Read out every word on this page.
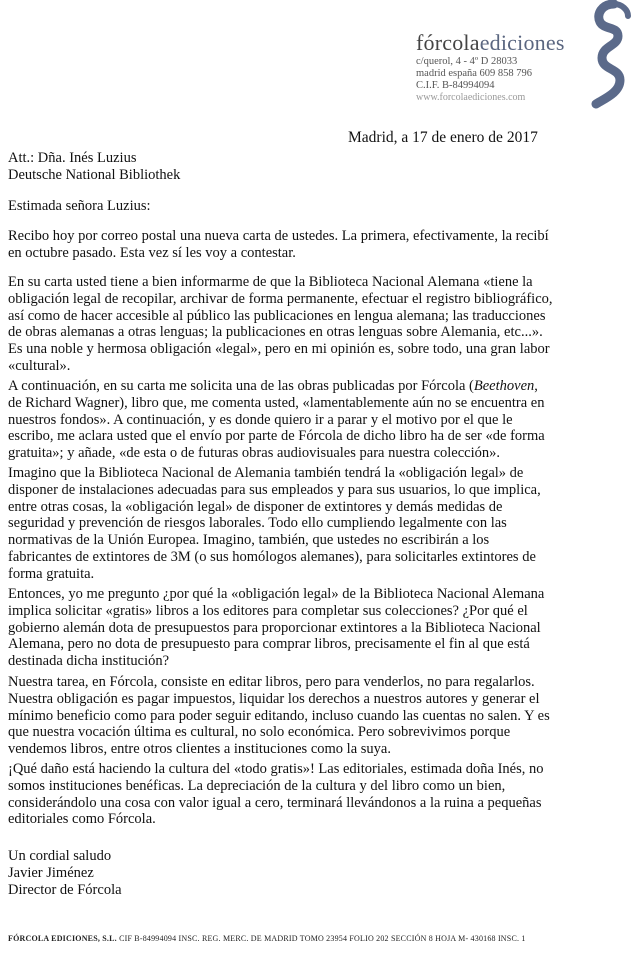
fórcolaediciones
c/querol, 4 - 4º D 28033
madrid españa 609 858 796
C.I.F. B-84994094
www.forcolaediciones.com
Madrid, a 17 de enero de 2017
Att.: Dña. Inés Luzius
Deutsche National Bibliothek
Estimada señora Luzius:
Recibo hoy por correo postal una nueva carta de ustedes. La primera, efectivamente, la recibí
en octubre pasado. Esta vez sí les voy a contestar.
En su carta usted tiene a bien informarme de que la Biblioteca Nacional Alemana «tiene la
obligación legal de recopilar, archivar de forma permanente, efectuar el registro bibliográfico,
así como de hacer accesible al público las publicaciones en lengua alemana; las traducciones
de obras alemanas a otras lenguas; la publicaciones en otras lenguas sobre Alemania, etc...».
Es una noble y hermosa obligación «legal», pero en mi opinión es, sobre todo, una gran labor
«cultural».
A continuación, en su carta me solicita una de las obras publicadas por Fórcola (Beethoven,
de Richard Wagner), libro que, me comenta usted, «lamentablemente aún no se encuentra en
nuestros fondos». A continuación, y es donde quiero ir a parar y el motivo por el que le
escribo, me aclara usted que el envío por parte de Fórcola de dicho libro ha de ser «de forma
gratuita»; y añade, «de esta o de futuras obras audiovisuales para nuestra colección».
Imagino que la Biblioteca Nacional de Alemania también tendrá la «obligación legal» de
disponer de instalaciones adecuadas para sus empleados y para sus usuarios, lo que implica,
entre otras cosas, la «obligación legal» de disponer de extintores y demás medidas de
seguridad y prevención de riesgos laborales. Todo ello cumpliendo legalmente con las
normativas de la Unión Europea. Imagino, también, que ustedes no escribirán a los
fabricantes de extintores de 3M (o sus homólogos alemanes), para solicitarles extintores de
forma gratuita.
Entonces, yo me pregunto ¿por qué la «obligación legal» de la Biblioteca Nacional Alemana
implica solicitar «gratis» libros a los editores para completar sus colecciones? ¿Por qué el
gobierno alemán dota de presupuestos para proporcionar extintores a la Biblioteca Nacional
Alemana, pero no dota de presupuesto para comprar libros, precisamente el fin al que está
destinada dicha institución?
Nuestra tarea, en Fórcola, consiste en editar libros, pero para venderlos, no para regalarlos.
Nuestra obligación es pagar impuestos, liquidar los derechos a nuestros autores y generar el
mínimo beneficio como para poder seguir editando, incluso cuando las cuentas no salen. Y es
que nuestra vocación última es cultural, no solo económica. Pero sobrevivimos porque
vendemos libros, entre otros clientes a instituciones como la suya.
¡Qué daño está haciendo la cultura del «todo gratis»! Las editoriales, estimada doña Inés, no
somos instituciones benéficas. La depreciación de la cultura y del libro como un bien,
considerándolo una cosa con valor igual a cero, terminará llevándonos a la ruina a pequeñas
editoriales como Fórcola.
Un cordial saludo
Javier Jiménez
Director de Fórcola
FÓRCOLA EDICIONES, S.L. CIF B-84994094 INSC. REG. MERC. DE MADRID TOMO 23954 FOLIO 202 SECCIÓN 8 HOJA M- 430168 INSC. 1
